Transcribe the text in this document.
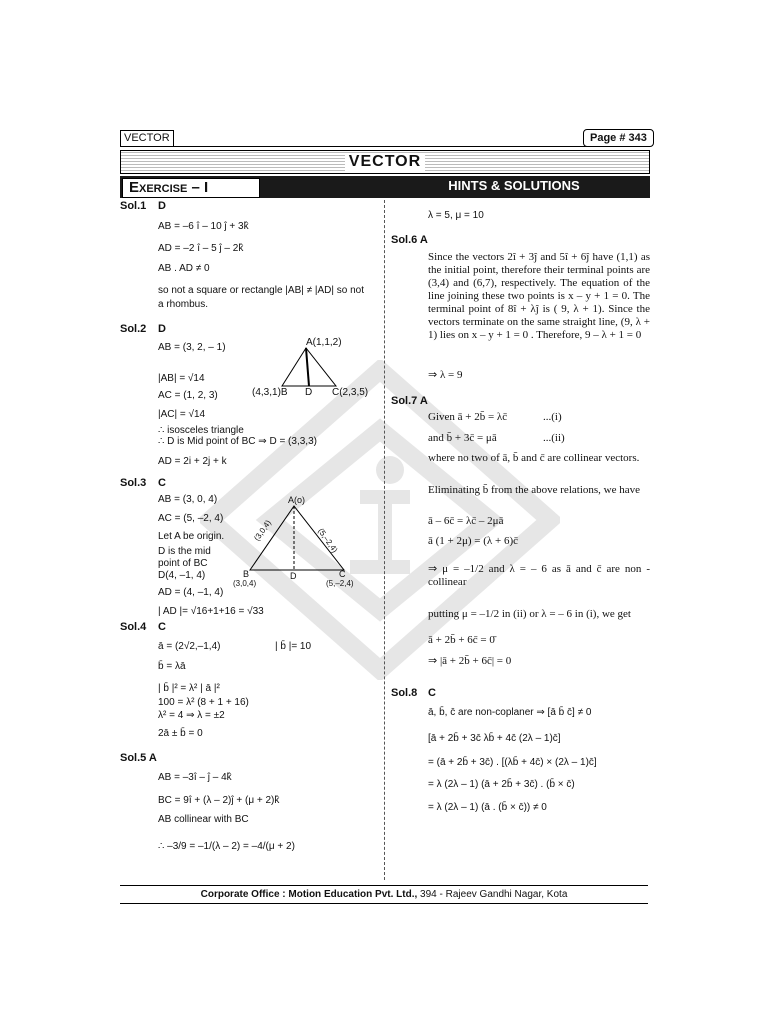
VECTOR	Page # 343
VECTOR
Exercise – I	HINTS & SOLUTIONS
Sol.1 D
AB = –6 î – 10 ĵ + 3k̂
AD = –2 î – 5 ĵ – 2k̂
AB . AD ≠ 0
so not a square or rectangle |AB| ≠ |AD| so not
a rhombus.
Sol.2 D
AB = (3, 2, – 1)
|AB| = √14
AC = (1, 2, 3)
|AC| = √14
∴ isosceles triangle
∴ D is Mid point of BC ⇒ D = (3,3,3)
AD = 2i + 2j + k
A(1,1,2)
(4,3,1)B D C(2,3,5)
Sol.3 C
AB = (3, 0, 4)
AC = (5, –2, 4)
Let A be origin.
D is the mid
point of BC
D(4, –1, 4)
AD = (4, –1, 4)
| AD |= √16+1+16 = √33
A(o)
(3,0,4)	(5,–2,4)
B
(3,0,4)
D	C
(5,–2,4)
Sol.4 C
ā = (2√2,–1,4)	| b̄ |= 10
b̄ = λā
| b̄ |² = λ² | ā |²
100 = λ² (8 + 1 + 16)
λ² = 4 ⇒ λ = ±2
2ā ± b̄ = 0
Sol.5 A
AB = –3î – ĵ – 4k̂
BC = 9î + (λ – 2)ĵ + (μ + 2)k̂
AB collinear with BC
∴ –3/9 = –1/(λ – 2) = –4/(μ + 2)
λ = 5, μ = 10
Sol.6 A
Since the vectors 2î + 3ĵ and 5î + 6ĵ have (1,1) as the initial point, therefore their terminal points are (3,4) and (6,7), respectively. The equation of the line joining these two points is x – y + 1 = 0. The terminal point of 8î + λĵ is ( 9, λ + 1). Since the vectors terminate on the same straight line, (9, λ + 1) lies on x – y + 1 = 0 . Therefore, 9 – λ + 1 = 0
⇒ λ = 9
Sol.7 A
Given ā + 2b̄ = λc̄	...(i)
and b̄ + 3c̄ = μā	...(ii)
where no two of ā, b̄ and c̄ are collinear vectors.
Eliminating b̄ from the above relations, we have
ā – 6c̄ = λc̄ – 2μā
ā (1 + 2μ) = (λ + 6)c̄
⇒ μ = –1/2 and λ = – 6 as ā and c̄ are non - collinear
putting μ = –1/2 in (ii) or λ = – 6 in (i), we get
ā + 2b̄ + 6c̄ = 0̄
⇒ |ā + 2b̄ + 6c̄| = 0
Sol.8 C
ā, b̄, c̄ are non-coplaner ⇒ [ā b̄ c̄] ≠ 0
[ā + 2b̄ + 3c̄ λb̄ + 4c̄ (2λ – 1)c̄]
= (ā + 2b̄ + 3c̄) . [(λb̄ + 4c̄) × (2λ – 1)c̄]
= λ (2λ – 1) (ā + 2b̄ + 3c̄) . (b̄ × c̄)
= λ (2λ – 1) (ā . (b̄ × c̄)) ≠ 0
Corporate Office : Motion Education Pvt. Ltd., 394 - Rajeev Gandhi Nagar, Kota
